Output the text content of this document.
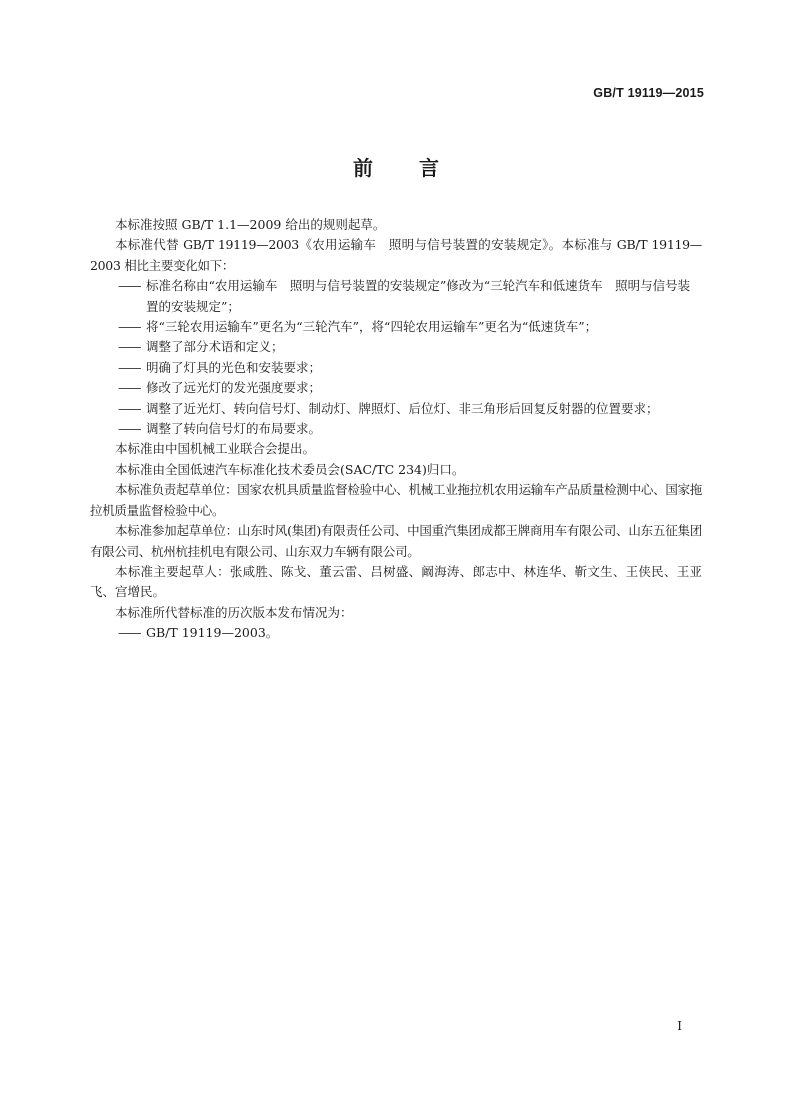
GB/T 19119—2015
前言

本标准按照 GB/T 1.1—2009 给出的规则起草。

本标准代替 GB/T 19119—2003《农用运输车　照明与信号装置的安装规定》。本标准与 GB/T 19119—2003 相比主要变化如下：

—— 标准名称由“农用运输车　照明与信号装置的安装规定”修改为“三轮汽车和低速货车　照明与信号装置的安装规定”；

—— 将“三轮农用运输车”更名为“三轮汽车”，将“四轮农用运输车”更名为“低速货车”；

—— 调整了部分术语和定义；

—— 明确了灯具的光色和安装要求；

—— 修改了远光灯的发光强度要求；

—— 调整了近光灯、转向信号灯、制动灯、牌照灯、后位灯、非三角形后回复反射器的位置要求；

—— 调整了转向信号灯的布局要求。

本标准由中国机械工业联合会提出。

本标准由全国低速汽车标准化技术委员会(SAC/TC 234)归口。

本标准负责起草单位：国家农机具质量监督检验中心、机械工业拖拉机农用运输车产品质量检测中心、国家拖拉机质量监督检验中心。

本标准参加起草单位：山东时风(集团)有限责任公司、中国重汽集团成都王牌商用车有限公司、山东五征集团有限公司、杭州杭挂机电有限公司、山东双力车辆有限公司。

本标准主要起草人：张咸胜、陈戈、董云雷、吕树盛、阚海涛、郎志中、林连华、靳文生、王侠民、王亚飞、宫增民。

本标准所代替标准的历次版本发布情况为：

—— GB/T 19119—2003。

I
